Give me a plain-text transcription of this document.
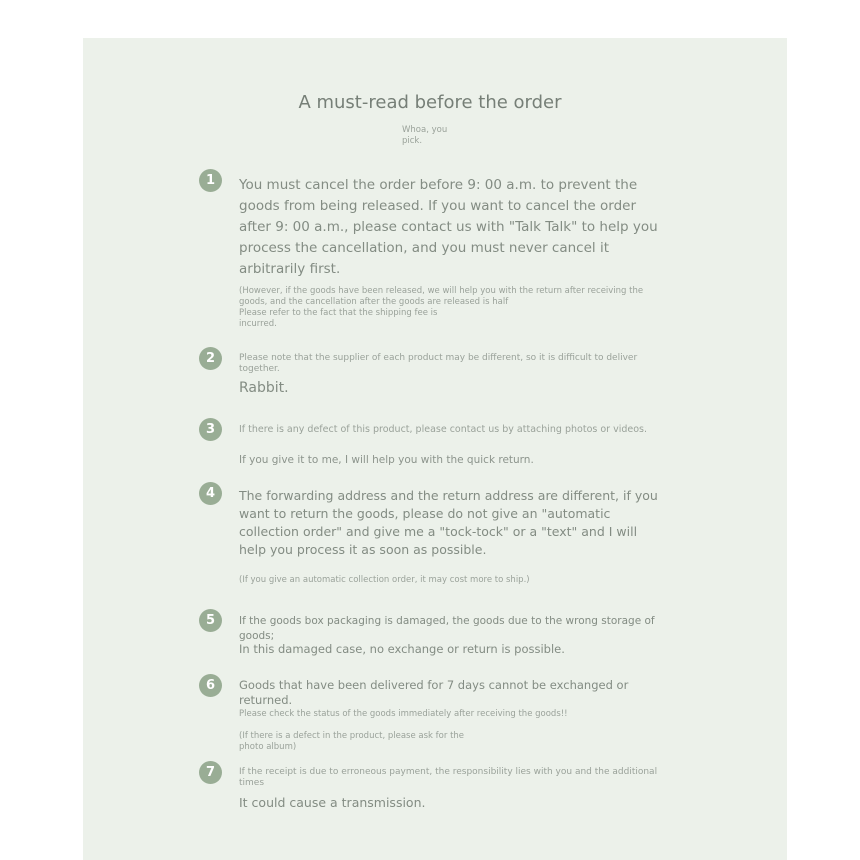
A must-read before the order

Whoa, you pick.

1	You must cancel the order before 9: 00 a.m. to prevent the goods from being released. If you want to cancel the order after 9: 00 a.m., please contact us with "Talk Talk" to help you process the cancellation, and you must never cancel it arbitrarily first.

(However, if the goods have been released, we will help you with the return after receiving the goods, and the cancellation after the goods are released is half

Please refer to the fact that the shipping fee is incurred.

2	Please note that the supplier of each product may be different, so it is difficult to deliver together.

Rabbit.

3	If there is any defect of this product, please contact us by attaching photos or videos.

If you give it to me, I will help you with the quick return.

4	The forwarding address and the return address are different, if you want to return the goods, please do not give an "automatic collection order" and give me a "tock-tock" or a "text" and I will help you process it as soon as possible.

(If you give an automatic collection order, it may cost more to ship.)

5	If the goods box packaging is damaged, the goods due to the wrong storage of goods;

In this damaged case, no exchange or return is possible.

6	Goods that have been delivered for 7 days cannot be exchanged or returned.

Please check the status of the goods immediately after receiving the goods!!

(If there is a defect in the product, please ask for the photo album)

7	If the receipt is due to erroneous payment, the responsibility lies with you and the additional times

It could cause a transmission.
